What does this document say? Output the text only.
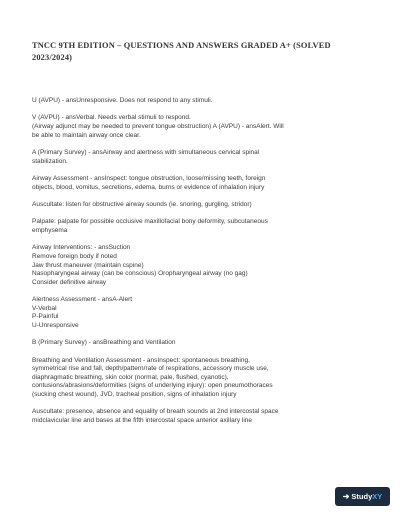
TNCC 9TH EDITION – QUESTIONS AND ANSWERS GRADED A+ (SOLVED
2023/2024)
U (AVPU) - ansUnresponsive. Does not respond to any stimuli.
V (AVPU) - ansVerbal. Needs verbal stimuli to respond.
(Airway adjunct may be needed to prevent tongue obstruction) A (AVPU) - ansAlert. Will
be able to maintain airway once clear.
A (Primary Survey) - ansAirway and alertness with simultaneous cervical spinal
stabilization.
Airway Assessment - ansInspect: tongue obstruction, loose/missing teeth, foreign
objects, blood, vomitus, secretions, edema, burns or evidence of inhalation injury
Auscultate: listen for obstructive airway sounds (ie. snoring, gurgling, stridor)
Palpate: palpate for possible occlusive maxillofacial bony deformity, subcutaneous
emphysema
Airway Interventions: - ansSuction
Remove foreign body if noted
Jaw thrust maneuver (maintain cspine)
Nasopharyngeal airway (can be conscious) Oropharyngeal airway (no gag)
Consider definitive airway
Alertness Assessment - ansA-Alert
V-Verbal
P-Painful
U-Unresponsive
B (Primary Survey) - ansBreathing and Ventilation
Breathing and Ventilation Assessment - ansInspect: spontaneous breathing,
symmetrical rise and fall, depth/pattern/rate of respirations, accessory muscle use,
diaphragmatic breathing, skin color (normal, pale, flushed, cyanotic),
contusions/abrasions/deformities (signs of underlying injury): open pneumothoraces
(sucking chest wound), JVD, tracheal position, signs of inhalation injury
Auscultate: presence, absence and equality of breath sounds at 2nd intercostal space
midclavicular line and bases at the fifth intercostal space anterior axillary line
➜ Study XY
